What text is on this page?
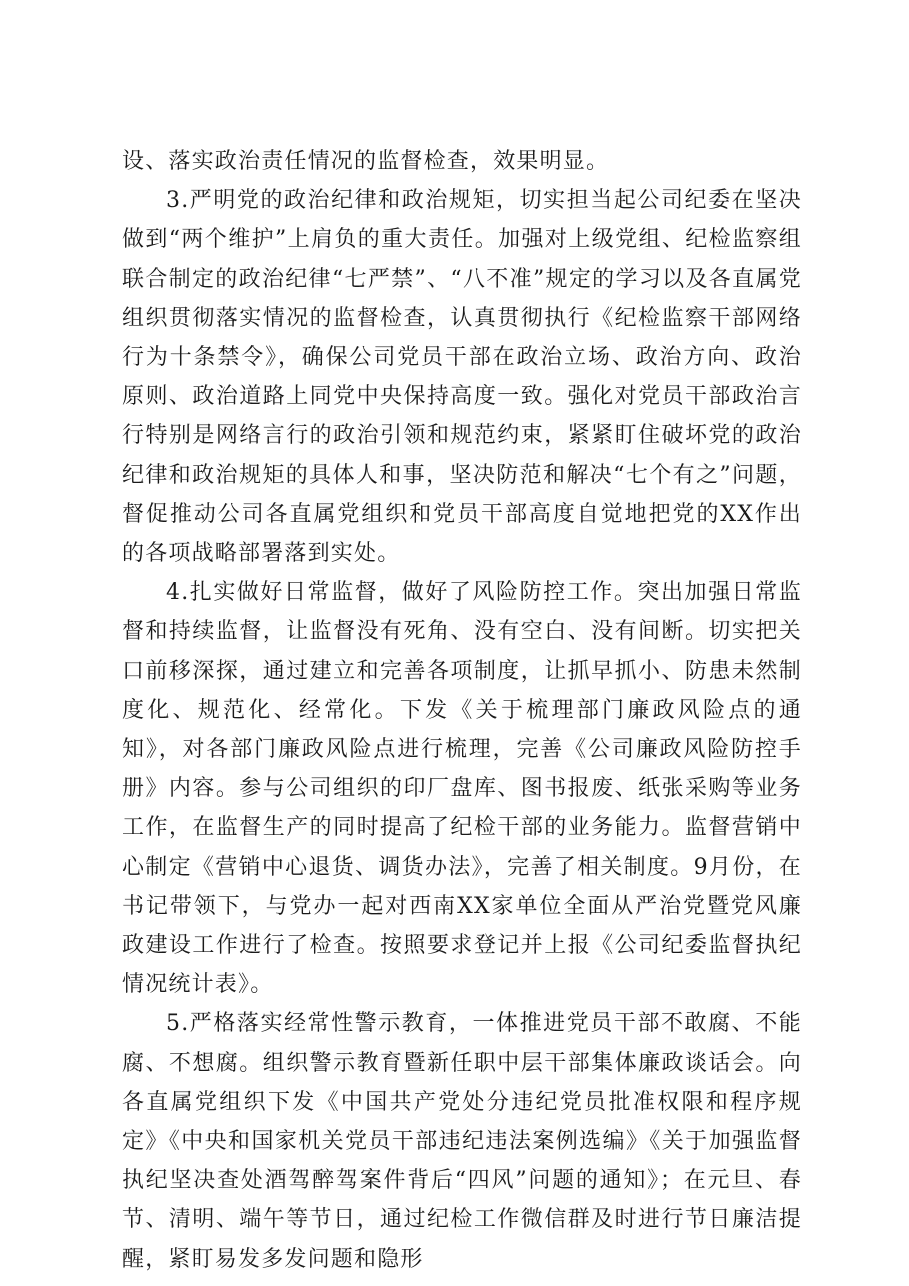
设、落实政治责任情况的监督检查，效果明显。

3.严明党的政治纪律和政治规矩，切实担当起公司纪委在坚决做到“两个维护”上肩负的重大责任。加强对上级党组、纪检监察组联合制定的政治纪律“七严禁”、“八不准”规定的学习以及各直属党组织贯彻落实情况的监督检查，认真贯彻执行《纪检监察干部网络行为十条禁令》，确保公司党员干部在政治立场、政治方向、政治原则、政治道路上同党中央保持高度一致。强化对党员干部政治言行特别是网络言行的政治引领和规范约束，紧紧盯住破坏党的政治纪律和政治规矩的具体人和事，坚决防范和解决“七个有之”问题，督促推动公司各直属党组织和党员干部高度自觉地把党的XX作出的各项战略部署落到实处。

4.扎实做好日常监督，做好了风险防控工作。突出加强日常监督和持续监督，让监督没有死角、没有空白、没有间断。切实把关口前移深探，通过建立和完善各项制度，让抓早抓小、防患未然制度化、规范化、经常化。下发《关于梳理部门廉政风险点的通知》，对各部门廉政风险点进行梳理，完善《公司廉政风险防控手册》内容。参与公司组织的印厂盘库、图书报废、纸张采购等业务工作，在监督生产的同时提高了纪检干部的业务能力。监督营销中心制定《营销中心退货、调货办法》，完善了相关制度。9月份，在书记带领下，与党办一起对西南XX家单位全面从严治党暨党风廉政建设工作进行了检查。按照要求登记并上报《公司纪委监督执纪情况统计表》。

5.严格落实经常性警示教育，一体推进党员干部不敢腐、不能腐、不想腐。组织警示教育暨新任职中层干部集体廉政谈话会。向各直属党组织下发《中国共产党处分违纪党员批准权限和程序规定》《中央和国家机关党员干部违纪违法案例选编》《关于加强监督执纪坚决查处酒驾醉驾案件背后“四风”问题的通知》；在元旦、春节、清明、端午等节日，通过纪检工作微信群及时进行节日廉洁提醒，紧盯易发多发问题和隐形
